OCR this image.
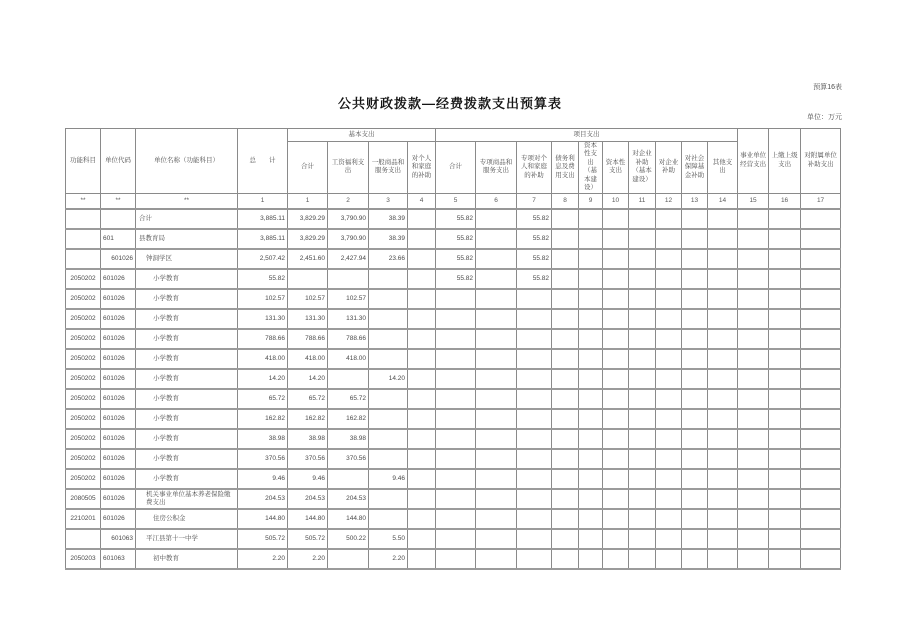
预算16表
公共财政拨款—经费拨款支出预算表
单位：万元
功能科目	单位代码	单位名称（功能科目）	总　　计	基本支出				项目支出										事业单位经营支出	上缴上级支出	对附属单位补助支出
				合计	工资福利支出	一般商品和服务支出	对个人和家庭的补助	合计	专项商品和服务支出	专项对个人和家庭的补助	债务利息及费用支出	资本性支出（基本建设）	资本性支出	对企业补助（基本建设）	对企业补助	对社会保障基金补助	其他支出			
**	**	**	1	1	2	3	4	5	6	7	8	9	10	11	12	13	14	15	16	17
		合计	3,885.11	3,829.29	3,790.90	38.39		55.82		55.82										
	601	县教育局	3,885.11	3,829.29	3,790.90	38.39		55.82		55.82										
	601026	钟洞学区	2,507.42	2,451.60	2,427.94	23.66		55.82		55.82										
2050202	601026	小学教育	55.82					55.82		55.82										
2050202	601026	小学教育	102.57	102.57	102.57															
2050202	601026	小学教育	131.30	131.30	131.30															
2050202	601026	小学教育	788.66	788.66	788.66															
2050202	601026	小学教育	418.00	418.00	418.00															
2050202	601026	小学教育	14.20	14.20		14.20														
2050202	601026	小学教育	65.72	65.72	65.72															
2050202	601026	小学教育	162.82	162.82	162.82															
2050202	601026	小学教育	38.98	38.98	38.98															
2050202	601026	小学教育	370.56	370.56	370.56															
2050202	601026	小学教育	9.46	9.46		9.46														
2080505	601026	机关事业单位基本养老保险缴费支出	204.53	204.53	204.53															
2210201	601026	住房公积金	144.80	144.80	144.80															
	601063	平江县第十一中学	505.72	505.72	500.22	5.50														
2050203	601063	初中教育	2.20	2.20		2.20														
